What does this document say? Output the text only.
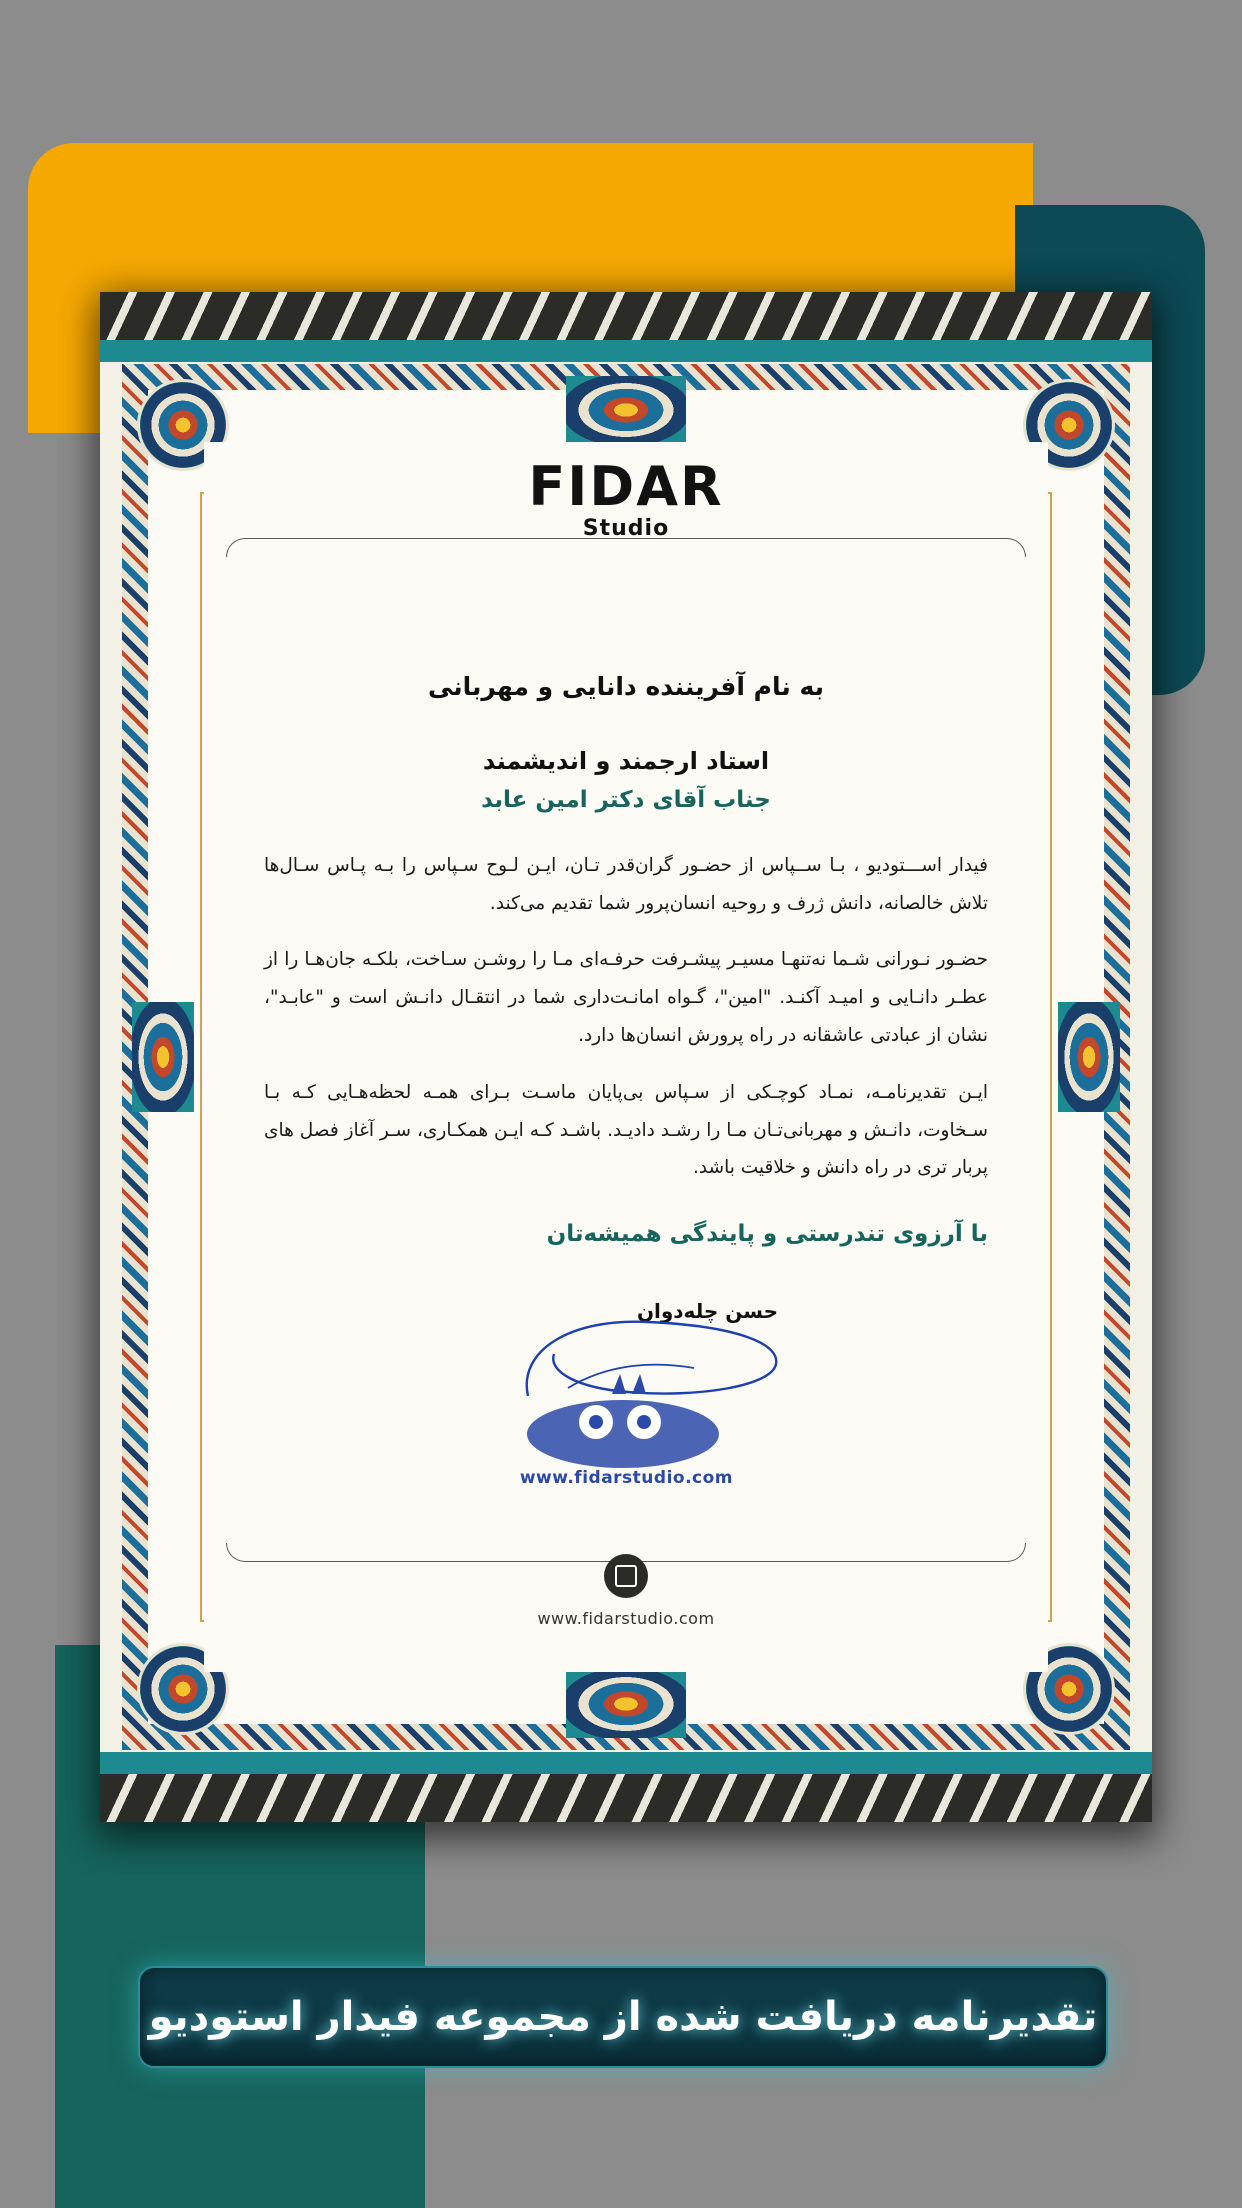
FIDAR
Studio
به نام آفریننده دانایی و مهربانی
استاد ارجمند و اندیشمند
جناب آقای دکتر امین عابد

فیدار اســـتودیو ، بـا ســپاس از حضـور گران‌قدر تـان، ایـن لـوح سـپاس را بـه پـاس سـال‌ها تلاش خالصانه، دانش ژرف و روحیه انسان‌پرور شما تقدیم می‌کند.

حضـور نـورانی شـما نه‌تنهـا مسیـر پیشـرفت حرفـه‌ای مـا را روشـن سـاخت، بلکـه جان‌هـا را از عطـر دانـایی و امیـد آکنـد. "امین"، گـواه امانـت‌داری شما در انتقـال دانـش است و "عابـد"، نشان از عبادتی عاشقانه در راه پرورش انسان‌ها دارد.

ایـن تقدیرنامـه، نمـاد کوچـکی از سـپاس بی‌پایان ماسـت بـرای همـه لحظه‌هـایی کـه بـا سـخاوت، دانـش و مهربانی‌تـان مـا را رشـد دادیـد. باشـد کـه ایـن همکـاری، سـر آغاز فصل های پربار تری در راه دانش و خلاقیت باشد.

با آرزوی تندرستی و پایندگی همیشه‌تان
حسن چله‌دوان
www.fidarstudio.com
www.fidarstudio.com
تقدیرنامه دریافت شده از مجموعه فیدار استودیو
